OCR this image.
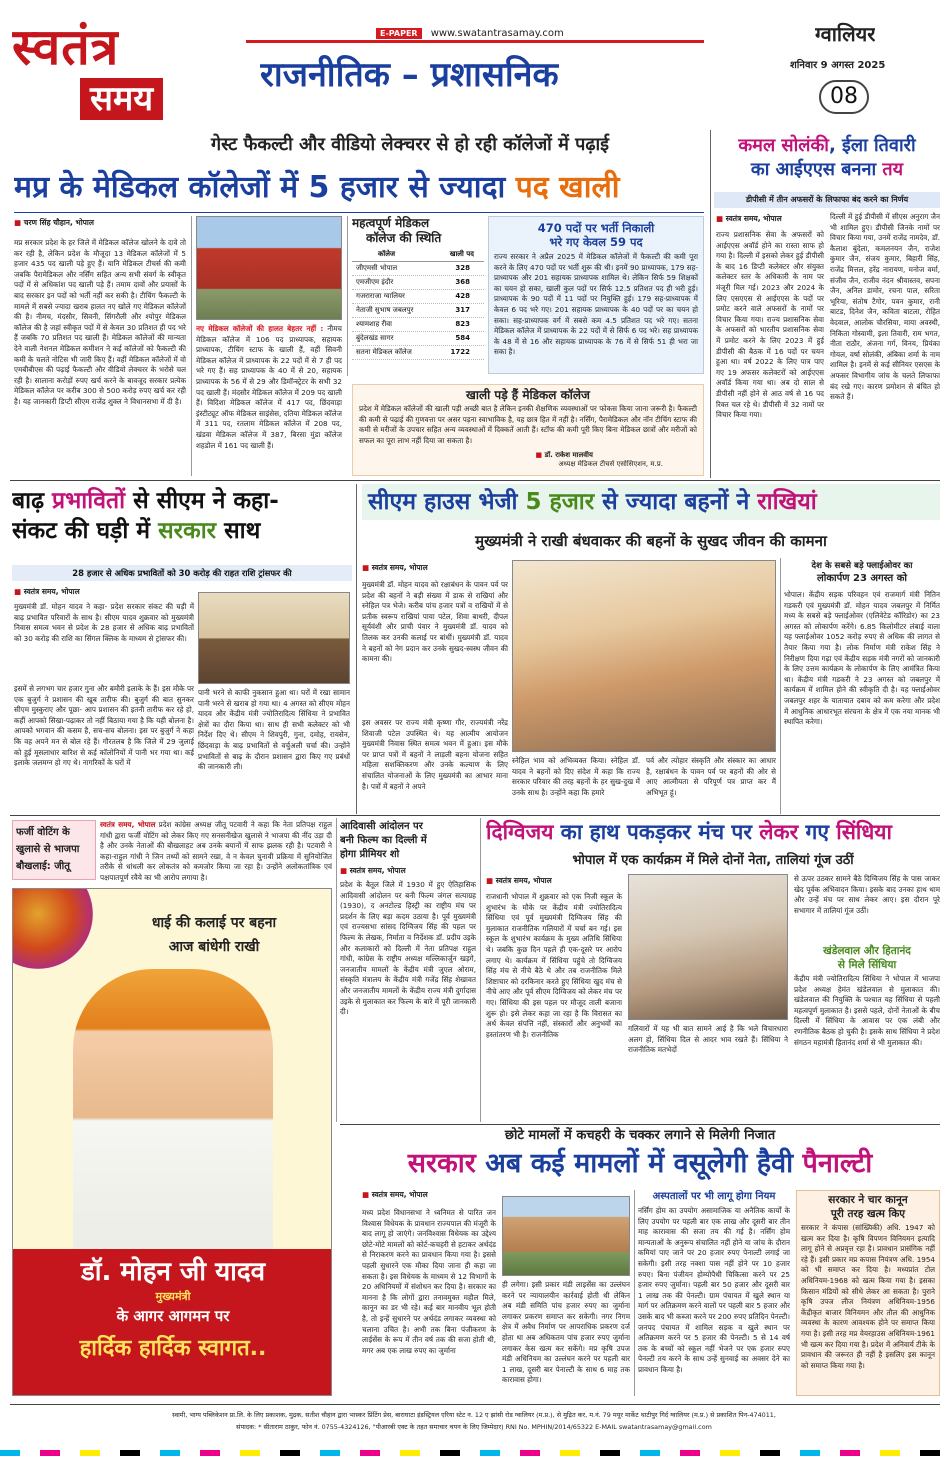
स्वतंत्र
समय
E-PAPER www.swatantrasamay.com
राजनीतिक – प्रशासनिक
ग्वालियर
शनिवार 9 अगस्त 2025
08
गेस्ट फैकल्टी और वीडियो लेक्चरर से हो रही कॉलेजों में पढ़ाई
मप्र के मेडिकल कॉलेजों में 5 हजार से ज्यादा पद खाली
■ चरण सिंह चौहान, भोपाल
मप्र सरकार प्रदेश के हर जिले में मेडिकल कॉलेज खोलने के दावे तो कर रही है, लेकिन प्रदेश के मौजूदा 13 मेडिकल कॉलेजों में 5 हजार 435 पद खाली पड़े हुए हैं। यानि मेडिकल टीचर्स की कमी जबकि पैरामेडिकल और नर्सिंग सहित अन्य सभी संवर्ग के स्वीकृत पदों में से अधिकांश पद खाली पड़े हैं। तमाम दावों और प्रयासों के बाद सरकार इन पदों को भर्ती नहीं कर सकी है। टीचिंग फैकल्टी के मामले में सबसे ज्यादा खराब हालत नए खोले गए मेडिकल कॉलेजों की है। नीमच, मंदसौर, सिवनी, सिंगरौली और श्योपुर मेडिकल कॉलेज की है जहां स्वीकृत पदों में से केवल 30 प्रतिशत ही पद भरे हैं जबकि 70 प्रतिशत पद खाली हैं। मेडिकल कॉलेजों की मान्यता देने वाली नेशनल मेडिकल कमीशन ने कई कॉलेजों को फैकल्टी की कमी के चलते नोटिस भी जारी किए हैं। वहीं मेडिकल कॉलेजों में वो एमबीबीएस की पढ़ाई फैकल्टी और वीडियो लेक्चरर के भरोसे चल रही है। सालाना करोड़ों रुपए खर्च करने के बावजूद सरकार प्रत्येक मेडिकल कॉलेज पर करीब 300 से 500 करोड़ रुपए खर्च कर रही है। यह जानकारी डिप्टी सीएम राजेंद्र शुक्ल ने विधानसभा में दी है।
नए मेडिकल कॉलेजों की हालत बेहतर नहीं : नीमच मेडिकल कॉलेज में 106 पद प्राध्यापक, सहायक प्राध्यापक, टीचिंग स्टाफ के खाली हैं, वहीं सिवनी मेडिकल कॉलेज में प्राध्यापक के 22 पदों में से 7 ही पद भरे गए हैं। सह प्राध्यापक के 40 में से 20, सहायक प्राध्यापक के 56 में से 29 और डिमॉन्स्ट्रेटर के सभी 32 पद खाली हैं। मंदसौर मेडिकल कॉलेज में 209 पद खाली हैं। विदिशा मेडिकल कॉलेज में 417 पद, छिंदवाड़ा इंस्टीट्यूट ऑफ मेडिकल साइंसेस, दतिया मेडिकल कॉलेज में 311 पद, रतलाम मेडिकल कॉलेज में 208 पद, खंडवा मेडिकल कॉलेज में 387, बिरसा मुंडा कॉलेज शहडोल में 161 पद खाली हैं।
महत्वपूर्ण मेडिकल
कॉलेज की स्थिति
कॉलेज	खाली पद
जीएमसी भोपाल	328
एमजीएम इंदौर	368
गजराराजा ग्वालियर	428
नेताजी सुभाष जबलपुर	317
श्यामशाह रीवा	823
बुंदेलखंड सागर	584
सतना मेडिकल कॉलेज	1722
470 पदों पर भर्ती निकाली
भरे गए केवल 59 पद
राज्य सरकार ने अप्रैल 2025 में मेडिकल कॉलेजों में फैकल्टी की कमी पूरा करने के लिए 470 पदों पर भर्ती शुरू की थी। इनमें 90 प्राध्यापक, 179 सह-प्राध्यापक और 201 सहायक प्राध्यापक शामिल थे। लेकिन सिर्फ 59 शिक्षकों का चयन हो सका, खाली कुल पदों पर सिर्फ 12.5 प्रतिशत पद ही भरी हुई। प्राध्यापक के 90 पदों में 11 पदों पर नियुक्ति हुई। 179 सह-प्राध्यापक में केवल 6 पद भरे गए। 201 सहायक प्राध्यापक के 40 पदों पर का चयन हो सका। सह-प्राध्यापक वर्ग में सबसे कम 4.5 प्रतिशत पद भरे गए। सतना मेडिकल कॉलेज में प्राध्यापक के 22 पदों में से सिर्फ 6 पद भरे। सह प्राध्यापक के 48 में से 16 और सहायक प्राध्यापक के 76 में से सिर्फ 51 ही भरा जा सका है।
खाली पड़े हैं मेडिकल कॉलेज
प्रदेश में मेडिकल कॉलेजों की खाली पड़ी अच्छी बात है लेकिन इनकी शैक्षणिक व्यवस्थाओं पर फोकस किया जाना जरूरी है। फैकल्टी की कमी से पढ़ाई की गुणवत्ता पर असर पड़ना स्वाभाविक है, यह छात्र हित में नहीं है। नर्सिंग, पैरामेडिकल और नॉन टीचिंग स्टाफ की कमी से मरीजों के उपचार सहित अन्य व्यवस्थाओं में दिक्कतें आती हैं। स्टॉफ की कमी पूरी किए बिना मेडिकल छात्रों और मरीजों को सफल का पूरा लाभ नहीं दिया जा सकता है।
■ डॉ. राकेश मालवीय
अध्यक्ष मेडिकल टीचर्स एसोसिएशन, म.प्र.
कमल सोलंकी, ईला तिवारी
का आईएएस बनना तय
डीपीसी में तीन अफसरों के लिफाफा बंद करने का निर्णय
■ स्वतंत्र समय, भोपाल
राज्य प्रशासनिक सेवा के अफसरों को आईएएस अवॉर्ड होने का रास्ता साफ हो गया है। दिल्ली में इसको लेकर हुई डीपीसी के बाद 16 डिप्टी कलेक्टर और संयुक्त कलेक्टर स्तर के अधिकारी के नाम पर मंजूरी मिल गई। 2023 और 2024 के लिए एसएएस से आईएएस के पदों पर प्रमोट करने वाले अफसरों के नामों पर विचार किया गया। राज्य प्रशासनिक सेवा के अफसरों को भारतीय प्रशासनिक सेवा में प्रमोट करने के लिए 2023 में हुई डीपीसी की बैठक में 16 पदों पर चयन हुआ था। वर्ष 2022 के लिए पात्र पाए गए 19 अफसर कलेक्टरों को आईएएस अवॉर्ड किया गया था। अब दो साल से डीपीसी नहीं होने से आठ वर्ष से 16 पद रिक्त चल रहे थे। डीपीसी में 32 नामों पर विचार किया गया।
दिल्ली में हुई डीपीसी में सीएस अनुराग जैन भी शामिल हुए। डीपीसी जिनके नामों पर विचार किया गया, उनमें राजेंद्र नामदेव, डॉ. कैलाश बुंदेला, कमलनयन जैन, राजेश कुमार जैन, संजय कुमार, बिहारी सिंह, राजेंद्र मित्तल, हरेंद्र नारायण, मनोज वर्मा, संजीव जैन, राजीव नंदन श्रीवास्तव, सपना जैन, अनिल डामोर, रचना पाल, सरिता भूरिया, संतोष टैगोर, पवन कुमार, रानी बाटड, दिनेश जैन, कविता बाटला, रोहित वेदवाल, आलोक चौरसिया, माया अवस्थी, निकिता गोस्वामी, इला तिवारी, राम भगत, नीता राठौर, अंजना गर्ग, विनय, प्रियंका गोयल, वर्षा सोलंकी, अंबिका शर्मा के नाम शामिल है। इनमें से कई सीनियर एसएस के अफसर विभागीय जांच के चलते लिफाफा बंद रखे गए। कारण प्रमोशन से बंचित हो सकते हैं।
बाढ़ प्रभावितों से सीएम ने कहा-
संकट की घड़ी में सरकार साथ
28 हजार से अधिक प्रभावितों को 30 करोड़ की राहत राशि ट्रांसफर की
■ स्वतंत्र समय, भोपाल
मुख्यमंत्री डॉ. मोहन यादव ने कहा- प्रदेश सरकार संकट की घड़ी में बाढ़ प्रभावित परिवारों के साथ है। सीएम यादव शुक्रवार को मुख्यमंत्री निवास समत्व भवन से प्रदेश के 28 हजार से अधिक बाढ़ प्रभावितों को 30 करोड़ की राशि का सिंगल क्लिक के माध्यम से ट्रांसफर की।
इसमें से लगभग चार हजार गुना और बमौरी इलाके के हैं। इस मौके पर एक बुजुर्ग ने प्रशासन की खूब तारीफ की। बुजुर्ग की बात सुनकर सीएम मुस्कुराए और पूछा- आप प्रशासन की इतनी तारीफ कर रहे हो, कहीं आपको सिखा-पढ़ाकर तो नहीं बिठाया गया है कि यही बोलना है। आपको भगवान की कसम है, सच-सच बोलना। इस पर बुजुर्ग ने कहा कि वह अपने मन से बोल रहे हैं। गौरतलब है कि जिले में 29 जुलाई को हुई मूसलाधार बारिश से कई कॉलोनियों में पानी भर गया था। कई इलाके जलमग्न हो गए थे। नागरिकों के घरों में
पानी भरने से काफी नुकसान हुआ था। घरों में रखा सामान पानी भरने से खराब हो गया था। 4 अगस्त को सीएम मोहन यादव और केंद्रीय मंत्री ज्योतिरादित्य सिंधिया ने प्रभावित क्षेत्रों का दौरा किया था। साथ ही सभी कलेक्टर को भी निर्देश दिए थे। सीएम ने शिवपुरी, गुना, दमोह, रायसेन, छिंदवाड़ा के बाढ़ प्रभावितों से वर्चुअली चर्चा की। उन्होंने प्रभावितों से बाढ़ के दौरान प्रशासन द्वारा किए गए प्रबंधों की जानकारी ली।
सीएम हाउस भेजी 5 हजार से ज्यादा बहनों ने राखियां
मुख्यमंत्री ने राखी बंधवाकर की बहनों के सुखद जीवन की कामना
■ स्वतंत्र समय, भोपाल
मुख्यमंत्री डॉ. मोहन यादव को रक्षाबंधन के पावन पर्व पर प्रदेश की बहनों ने बड़ी संख्या में डाक से राखियां और स्नेहिल पत्र भेजे। करीब पांच हजार पत्रों व राखियों में से प्रतीक स्वरूप राखियां पाया पटेल, शिवा बाथरी, दीपल सूर्यवंशी और प्राची पंवार ने मुख्यमंत्री डॉ. यादव को तिलक कर उनकी कलाई पर बांधीं। मुख्यमंत्री डॉ. यादव ने बहनों को नेग प्रदान कर उनके सुखद-स्वस्थ जीवन की कामना की।
इस अवसर पर राज्य मंत्री कृष्णा गौर, राज्यमंत्री नरेंद्र शिवाजी पटेल उपस्थित थे। यह आत्मीय आयोजन मुख्यमंत्री निवास स्थित समत्व भवन में हुआ। इस मौके पर प्राप्त पत्रों में बहनों ने लाड़ली बहना योजना सहित महिला सशक्तिकरण और उनके कल्याण के लिए संचालित योजनाओं के लिए मुख्यमंत्री का आभार माना है। पत्रों में बहनों ने अपने
स्नेहिल भाव को अभिव्यक्त किया। स्नेहिल डॉ. यादव ने बहनों को दिए संदेश में कहा कि राज्य सरकार परिवार की तरह बहनों के हर सुख-दुख में उनके साथ है। उन्होंने कहा कि हमारे
पर्व और त्योहार संस्कृति और संस्कार का आधार है, रक्षाबंधन के पावन पर्व पर बहनों की ओर से आए आत्मीयता से परिपूर्ण पत्र प्राप्त कर मैं अभिभूत हूं।
देश के सबसे बड़े फ्लाईओवर का
लोकार्पण 23 अगस्त को
भोपाल। केंद्रीय सड़क परिवहन एवं राजमार्ग मंत्री नितिन गडकरी एवं मुख्यमंत्री डॉ. मोहन यादव जबलपुर में निर्मित मध्य के सबसे बड़े फ्लाईओवर (एलिवेटेड कॉरिडोर) का 23 अगस्त को लोकार्पण करेंगे। 6.85 किलोमीटर लंबाई वाला यह फ्लाईओवर 1052 करोड़ रुपए से अधिक की लागत से तैयार किया गया है। लोक निर्माण मंत्री राकेश सिंह ने निरीक्षण दिया गढ़ा एवं केंद्रीय सड़क मंत्री नगरों को जानकारी के लिए उत्तम कार्यक्रम के लोकार्पण के लिए आमंत्रित किया था। केंद्रीय मंत्री गडकरी ने 23 अगस्त को जबलपुर में कार्यक्रम में शामिल होने की स्वीकृति दी है। यह फ्लाईओवर जबलपुर शहर के यातायात दबाव को कम करेगा और प्रदेश में आधुनिक आधारभूत संरचना के क्षेत्र में एक नया मानक भी स्थापित करेगा।
फर्जी वोटिंग के
खुलासे से भाजपा
बौखलाई: जीतू
स्वतंत्र समय, भोपाल प्रदेश कांग्रेस अध्यक्ष जीतू पटवारी ने कहा कि नेता प्रतिपक्ष राहुल गांधी द्वारा फर्जी वोटिंग को लेकर किए गए सनसनीखेज खुलासे ने भाजपा की नींद उड़ा दी है और उनके नेताओं की बौखलाहट अब उनके बयानों में साफ झलक रही है। पटवारी ने कहा-राहुल गांधी ने जिन तथ्यों को सामने रखा, वे न केवल चुनावी प्रक्रिया में सुनियोजित तरीके से धांधली कर लोकतंत्र को कमजोर किया जा रहा है। उन्होंने अलोकतांत्रिक एवं पक्षपातपूर्ण रवैये का भी आरोप लगाया है।
धाई की कलाई पर बहना
आज बांधेगी राखी
डॉ. मोहन जी यादव
मुख्यमंत्री
के आगर आगमन पर
हार्दिक हार्दिक स्वागत..
आदिवासी आंदोलन पर
बनी फिल्म का दिल्ली में
होगा प्रीमियर शो
■ स्वतंत्र समय, भोपाल
प्रदेश के बैतूल जिले में 1930 में हुए ऐतिहासिक आदिवासी आंदोलन पर बनी फिल्म जंगल सत्याग्रह (1930), द अनटोल्ड हिस्ट्री का राष्ट्रीय मंच पर प्रदर्शन के लिए बड़ा कदम उठाया है। पूर्व मुख्यमंत्री एवं राज्यसभा सांसद दिग्विजय सिंह की पहल पर फिल्म के लेखक, निर्माता व निर्देशक डॉ. प्रदीप उइके और कलाकारों को दिल्ली में नेता प्रतिपक्ष राहुल गांधी, कांग्रेस के राष्ट्रीय अध्यक्ष मल्लिकार्जुन खड़गे, जनजातीय मामलों के केंद्रीय मंत्री जुएल ओराम, संस्कृति मंत्रालय के केंद्रीय मंत्री गजेंद्र सिंह शेखावत और जनजातीय मामलों के केंद्रीय राज्य मंत्री दुर्गादास उइके से मुलाकात कर फिल्म के बारे में पूरी जानकारी दी।
दिग्विजय का हाथ पकड़कर मंच पर लेकर गए सिंधिया
भोपाल में एक कार्यक्रम में मिले दोनों नेता, तालियां गूंज उठीं
■ स्वतंत्र समय, भोपाल
राजधानी भोपाल में शुक्रवार को एक निजी स्कूल के शुभारंभ के मौके पर केंद्रीय मंत्री ज्योतिरादित्य सिंधिया एवं पूर्व मुख्यमंत्री दिग्विजय सिंह की मुलाकात राजनीतिक गलियारों में चर्चा बन गई। इस स्कूल के शुभारंभ कार्यक्रम के मुख्य अतिथि सिंधिया थे। जबकि कुछ दिन पहले ही एक-दूसरे पर आरोप लगाए थे। कार्यक्रम में सिंधिया पहुंचे तो दिग्विजय सिंह मंच से नीचे बैठे थे और तब राजनीतिक मिले शिष्टाचार को दरकिनार करते हुए सिंधिया खुद मंच से नीचे आए और पूर्व सीएम दिग्विजय को लेकर मंच पर गए। सिंधिया की इस पहल पर मौजूद ताली बजाना शुरू हो। इसे लेकर कहा जा रहा है कि विरासत का अर्थ केवल संपत्ति नहीं, संस्कारों और अनुभवों का हस्तांतरण भी है। राजनीतिक
गलियारों में यह भी बात सामने आई है कि भले विचारधारा अलग हो, सिंधिया दिल से आदर भाव रखते हैं। सिंधिया ने राजनीतिक मतभेदों
से ऊपर उठकर सामने बैठे दिग्विजय सिंह के पास जाकर खेद पूर्वक अभिवादन किया। इसके बाद उनका हाथ थाम और उन्हें मंच पर साथ लेकर आए। इस दौरान पूरे सभागार में तालियां गूंज उठीं।
खंडेलवाल और हितानंद
से मिले सिंधिया
केंद्रीय मंत्री ज्योतिरादित्य सिंधिया ने भोपाल में भाजपा प्रदेश अध्यक्ष हेमंत खंडेलवाल से मुलाकात की। खंडेलवाल की नियुक्ति के पश्चात यह सिंधिया से पहली महत्वपूर्ण मुलाकात है। इससे पहले, दोनों नेताओं के बीच दिल्ली में सिंधिया के आवास पर एक लंबी और रणनीतिक बैठक हो चुकी है। इसके साथ सिंधिया ने प्रदेश संगठन महामंत्री हितानंद शर्मा से भी मुलाकात की।
छोटे मामलों में कचहरी के चक्कर लगाने से मिलेगी निजात
सरकार अब कई मामलों में वसूलेगी हैवी पैनाल्टी
■ स्वतंत्र समय, भोपाल
मध्य प्रदेश विधानसभा ने ध्वनिमत से पारित जन विश्वास विधेयक के प्रावधान राज्यपाल की मंजूरी के बाद लागू हो जाएंगे। जनविश्वास विधेयक का उद्देश्य छोटे-मोटे मामलों को कोर्ट-कचहरी से हटाकर अर्थदंड से निराकरण करने का प्रावधान किया गया है। इससे पहली सुधारने एक मौका दिया जाना ही कहा जा सकता है। इस विधेयक के माध्यम से 12 विभागों के 20 अधिनियमों में संशोधन कर दिया है। सरकार का मानना है कि लोगों द्वारा तनावमुक्त महौल मिले, कानून का डर भी रहे। कई बार मानवीय भूल होती है, तो इन्हें सुधारने पर अर्थदंड लगाकर व्यवस्था को चलाना उचित है। अभी तक बिना पंजीकरण के लाईसेंस के रूप में तीन वर्ष तक की सजा होती थी, मगर अब एक लाख रुपए का जुर्माना
ही लगेगा। इसी प्रकार मंडी लाइसेंस का उल्लंघन करने पर न्यायालयीन कार्रवाई होती थी लेकिन अब मंडी समिति पांच हजार रुपए का जुर्माना लगाकर प्रकरण समाप्त कर सकेगी। नगर निगम क्षेत्र में अवैध निर्माण पर आपराधिक प्रकरण दर्ज होता था अब अधिकतम पांच हजार रुपए जुर्माना लगाकर केस खत्म कर सकेंगे। मप्र कृषि उपज मंडी अधिनियम का उल्लंघन करने पर पहली बार 1 लाख, दूसरी बार पेनाल्टी के साथ 6 माह तक कारावास होगा।
अस्पतालों पर भी लागू होगा नियम
नर्सिंग होम का उपयोग असामाजिक या अनैतिक कार्यों के लिए उपयोग पर पहली बार एक लाख और दूसरी बार तीन माह कारावास की सजा तय की गई है। नर्सिंग होम मान्यताओं के अनुरूप संचालित नहीं होने या जांच के दौरान कमियां पाए जाने पर 20 हजार रुपए पेनाल्टी लगाई जा सकेगी। इसी तरह नक्शा पास नहीं होने पर 10 हजार रुपए। बिना पंजीयन होम्योपैथी चिकित्सा करने पर 25 हजार रुपए जुर्माना। पहली बार 50 हजार और दूसरी बार 1 लाख तक की पेनल्टी। ग्राम पंचायत में खुले स्थान या मार्ग पर अतिक्रमण करने वालों पर पहली बार 5 हजार और उसके बाद भी कब्जा करने पर 200 रुपए प्रतिदिन पेनल्टी। जनपद पंचायत में शामिल सड़क व खुले स्थान पर अतिक्रमण करने पर 5 हजार की पेनल्टी। 5 से 14 वर्ष तक के बच्चों को स्कूल नहीं भेजने पर एक हजार रुपए पेनल्टी तय करने के साथ उन्हें सुनवाई का अवसर देने का प्रावधान किया है।
सरकार ने चार कानून
पूरी तरह खत्म किए
सरकार ने कंपास (सांख्यिकी) अधि. 1947 को खत्म कर दिया है। कृषि विपणन विनियमन इत्यादि लागू होने से अप्रवृत्त रहा है। प्रावधान प्रासंगिक नहीं रहे हैं। इसी प्रकार मप्र कपास नियंत्रण अधि. 1954 को भी समाप्त कर दिया है। मध्यप्रांत टोल अधिनियम-1968 को खत्म किया गया है। इसका किसान मंडियों को सीधे लेकर आ सकता है। पुराने कृषि उपज लीज नियंत्रण अधिनियम-1956 केंद्रीकृत बाजार विनियमन और तौल की आधुनिक व्यवस्था के कारण आवश्यक होने पर समाप्त किया गया है। इसी तरह मप्र वेयरहाउस अधिनियम-1961 भी खत्म कर दिया गया है। प्रदेश में अनिवार्य टीके के प्रावधान की जरूरत ही नहीं है इसलिए इस कानून को समाप्त किया गया है।
स्वामी, भाग्य पब्लिकेशन प्रा.लि. के लिए प्रकाशक, मुद्रक, सतीश चौहान द्वारा भास्कर प्रिंटिंग प्रेस, बाराघाटा इंडस्ट्रियल एरिया स्टेट न. 12 ए झांसी रोड ग्वालियर (म.प्र.), से मुद्रित कर, म.नं. 79 मयूर मार्केट थाटीपुर गिर्द ग्वालियर (म.प्र.) से प्रकाशित पिन-474011,
संपादक: * सीताराम ठाकुर, फोन नं. 0755-4324126, "पीआरबी एक्ट के तहत समाचार चयन के लिए जिम्मेदार) RNI No. MPHIN/2014/65322 E-MAIL swatantrasamay@gmail.com
